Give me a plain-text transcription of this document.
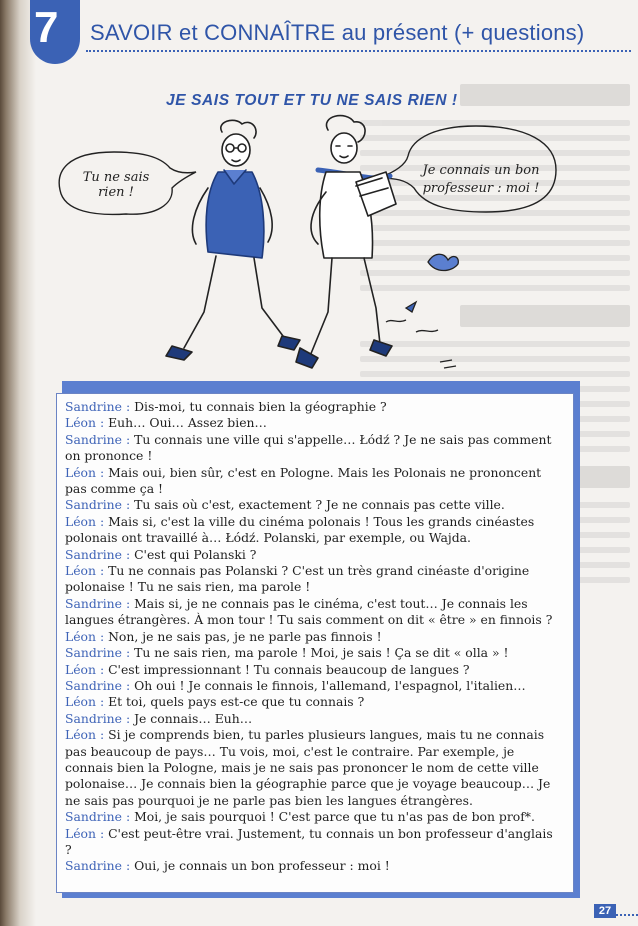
7	SAVOIR et CONNAÎTRE au présent (+ questions)
JE SAIS TOUT ET TU NE SAIS RIEN !
Tu ne sais rien !
Je connais un bon
professeur : moi !

Sandrine : Dis-moi, tu connais bien la géographie ?

Léon : Euh… Oui… Assez bien…

Sandrine : Tu connais une ville qui s'appelle… Łódź ? Je ne sais pas comment on prononce !

Léon : Mais oui, bien sûr, c'est en Pologne. Mais les Polonais ne prononcent pas comme ça !

Sandrine : Tu sais où c'est, exactement ? Je ne connais pas cette ville.

Léon : Mais si, c'est la ville du cinéma polonais ! Tous les grands cinéastes polonais ont travaillé à… Łódź. Polanski, par exemple, ou Wajda.

Sandrine : C'est qui Polanski ?

Léon : Tu ne connais pas Polanski ? C'est un très grand cinéaste d'origine polonaise ! Tu ne sais rien, ma parole !

Sandrine : Mais si, je ne connais pas le cinéma, c'est tout… Je connais les langues étrangères. À mon tour ! Tu sais comment on dit « être » en finnois ?

Léon : Non, je ne sais pas, je ne parle pas finnois !

Sandrine : Tu ne sais rien, ma parole ! Moi, je sais ! Ça se dit « olla » !

Léon : C'est impressionnant ! Tu connais beaucoup de langues ?

Sandrine : Oh oui ! Je connais le finnois, l'allemand, l'espagnol, l'italien…

Léon : Et toi, quels pays est-ce que tu connais ?

Sandrine : Je connais… Euh…

Léon : Si je comprends bien, tu parles plusieurs langues, mais tu ne connais pas beaucoup de pays… Tu vois, moi, c'est le contraire. Par exemple, je connais bien la Pologne, mais je ne sais pas prononcer le nom de cette ville polonaise… Je connais bien la géographie parce que je voyage beaucoup… Je ne sais pas pourquoi je ne parle pas bien les langues étrangères.

Sandrine : Moi, je sais pourquoi ! C'est parce que tu n'as pas de bon prof*.

Léon : C'est peut-être vrai. Justement, tu connais un bon professeur d'anglais ?

Sandrine : Oui, je connais un bon professeur : moi !

27
